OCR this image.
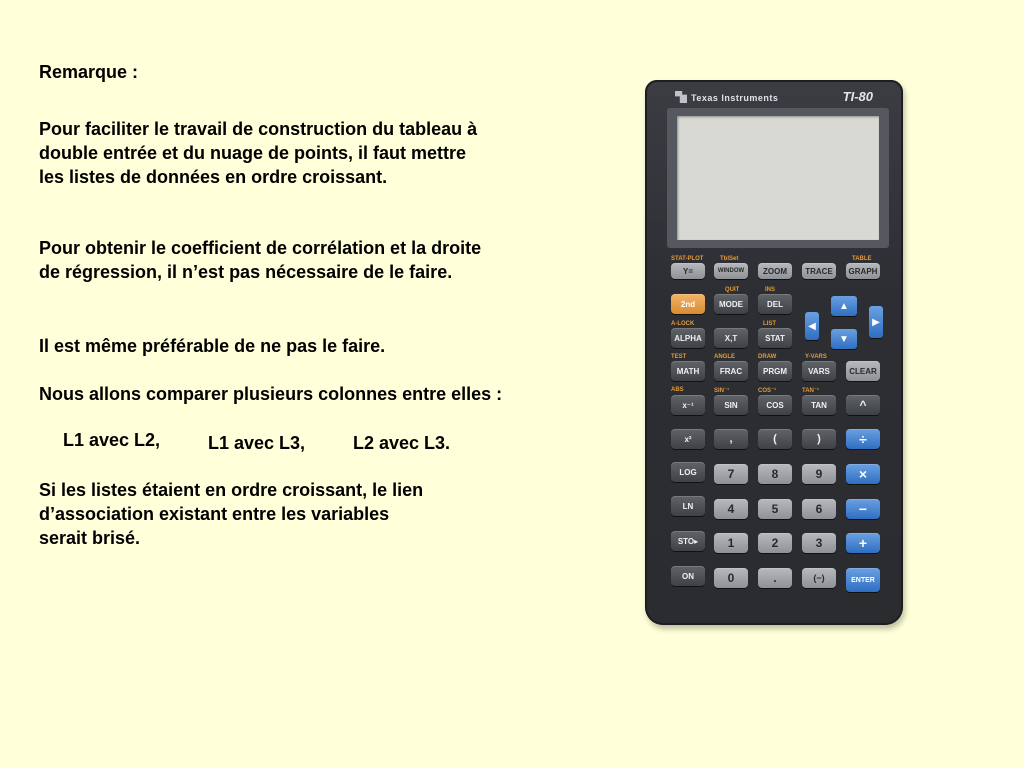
Remarque :
Pour faciliter le travail de construction du tableau à
double entrée et du nuage de points, il faut mettre
les listes de données en ordre croissant.
Pour obtenir le coefficient de corrélation et la droite
de régression, il n’est pas nécessaire de le faire.
Il est même préférable de ne pas le faire.
Nous allons comparer plusieurs colonnes entre elles :
L1 avec L2,	L1 avec L3,	L2 avec L3.
Si les listes étaient en ordre croissant, le lien
d’association existant entre les variables
serait brisé.
Texas Instruments	TI-80
STAT-PLOT	TblSet	TABLE
Y=	WINDOW	ZOOM	TRACE	GRAPH
QUIT	INS
2nd	MODE	DEL	▲
◀	▶
▼
A-LOCK	LIST
ALPHA	X,T	STAT
TEST	ANGLE	DRAW	Y-VARS
MATH	FRAC	PRGM	VARS	CLEAR
ABS	SIN⁻¹	COS⁻¹	TAN⁻¹
x⁻¹	SIN	COS	TAN	^
x²	,	(	)	÷
LOG	7	8	9	×
LN	4	5	6	−
STO▸	1	2	3	+
ON	0	.	(−)	ENTER
